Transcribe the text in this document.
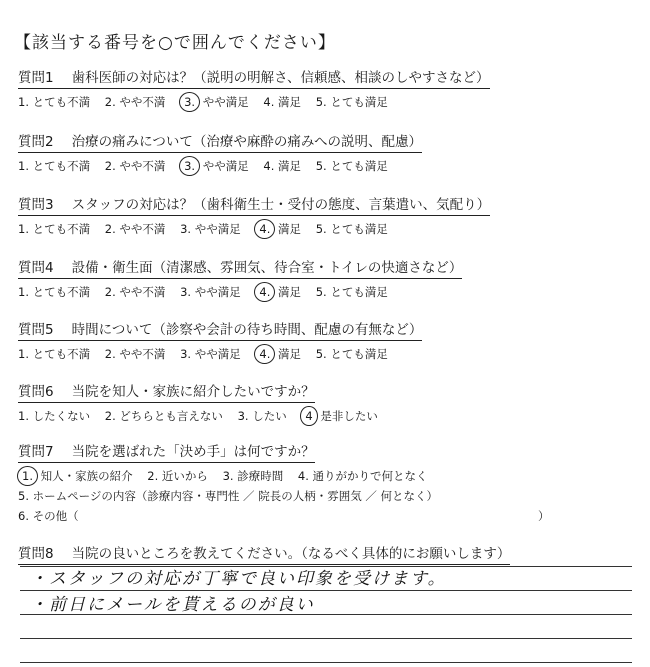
【該当する番号を○で囲んでください】
質問1 歯科医師の対応は？（説明の明解さ、信頼感、相談のしやすさなど）
1. とても不満 2. やや不満 3. やや満足 4. 満足 5. とても満足
質問2 治療の痛みについて（治療や麻酔の痛みへの説明、配慮）
1. とても不満 2. やや不満 3. やや満足 4. 満足 5. とても満足
質問3 スタッフの対応は？（歯科衛生士・受付の態度、言葉遣い、気配り）
1. とても不満 2. やや不満 3. やや満足 4. 満足 5. とても満足
質問4 設備・衛生面（清潔感、雰囲気、待合室・トイレの快適さなど）
1. とても不満 2. やや不満 3. やや満足 4. 満足 5. とても満足
質問5 時間について（診察や会計の待ち時間、配慮の有無など）
1. とても不満 2. やや不満 3. やや満足 4. 満足 5. とても満足
質問6 当院を知人・家族に紹介したいですか？
1. したくない 2. どちらとも言えない 3. したい 4 是非したい
質問7 当院を選ばれた「決め手」は何ですか？
1. 知人・家族の紹介 2. 近いから 3. 診療時間 4. 通りがかりで何となく
5. ホームページの内容（診療内容・専門性 ／ 院長の人柄・雰囲気 ／ 何となく）
6. その他（	）
質問8 当院の良いところを教えてください。（なるべく具体的にお願いします）
・スタッフの対応が丁寧で良い印象を受けます。
・前日にメールを貰えるのが良い
